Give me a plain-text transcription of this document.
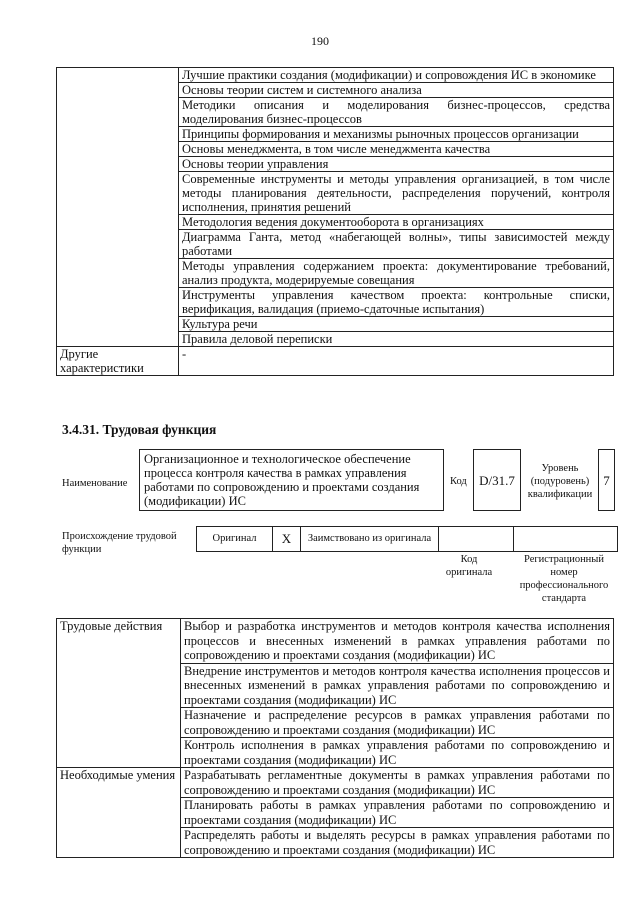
190
	Лучшие практики создания (модификации) и сопровождения ИС в экономике
	Основы теории систем и системного анализа
	Методики описания и моделирования бизнес-процессов, средства моделирования бизнес-процессов
	Принципы формирования и механизмы рыночных процессов организации
	Основы менеджмента, в том числе менеджмента качества
	Основы теории управления
	Современные инструменты и методы управления организацией, в том числе методы планирования деятельности, распределения поручений, контроля исполнения, принятия решений
	Методология ведения документооборота в организациях
	Диаграмма Ганта, метод «набегающей волны», типы зависимостей между работами
	Методы управления содержанием проекта: документирование требований, анализ продукта, модерируемые совещания
	Инструменты управления качеством проекта: контрольные списки, верификация, валидация (приемо-сдаточные испытания)
	Культура речи
	Правила деловой переписки
Другие характеристики	-
3.4.31. Трудовая функция
Наименование
Организационное и технологическое обеспечение процесса контроля качества в рамках управления работами по сопровождению и проектами создания (модификации) ИС
Код D/31.7
Уровень (подуровень) квалификации
7
Происхождение трудовой функции
Оригинал	X	Заимствовано из оригинала		
Код оригинала
Регистрационный номер профессионального стандарта
Трудовые действия	Выбор и разработка инструментов и методов контроля качества исполнения процессов и внесенных изменений в рамках управления работами по сопровождению и проектами создания (модификации) ИС
	Внедрение инструментов и методов контроля качества исполнения процессов и внесенных изменений в рамках управления работами по сопровождению и проектами создания (модификации) ИС
	Назначение и распределение ресурсов в рамках управления работами по сопровождению и проектами создания (модификации) ИС
	Контроль исполнения в рамках управления работами по сопровождению и проектами создания (модификации) ИС
Необходимые умения	Разрабатывать регламентные документы в рамках управления работами по сопровождению и проектами создания (модификации) ИС
	Планировать работы в рамках управления работами по сопровождению и проектами создания (модификации) ИС
	Распределять работы и выделять ресурсы в рамках управления работами по сопровождению и проектами создания (модификации) ИС
